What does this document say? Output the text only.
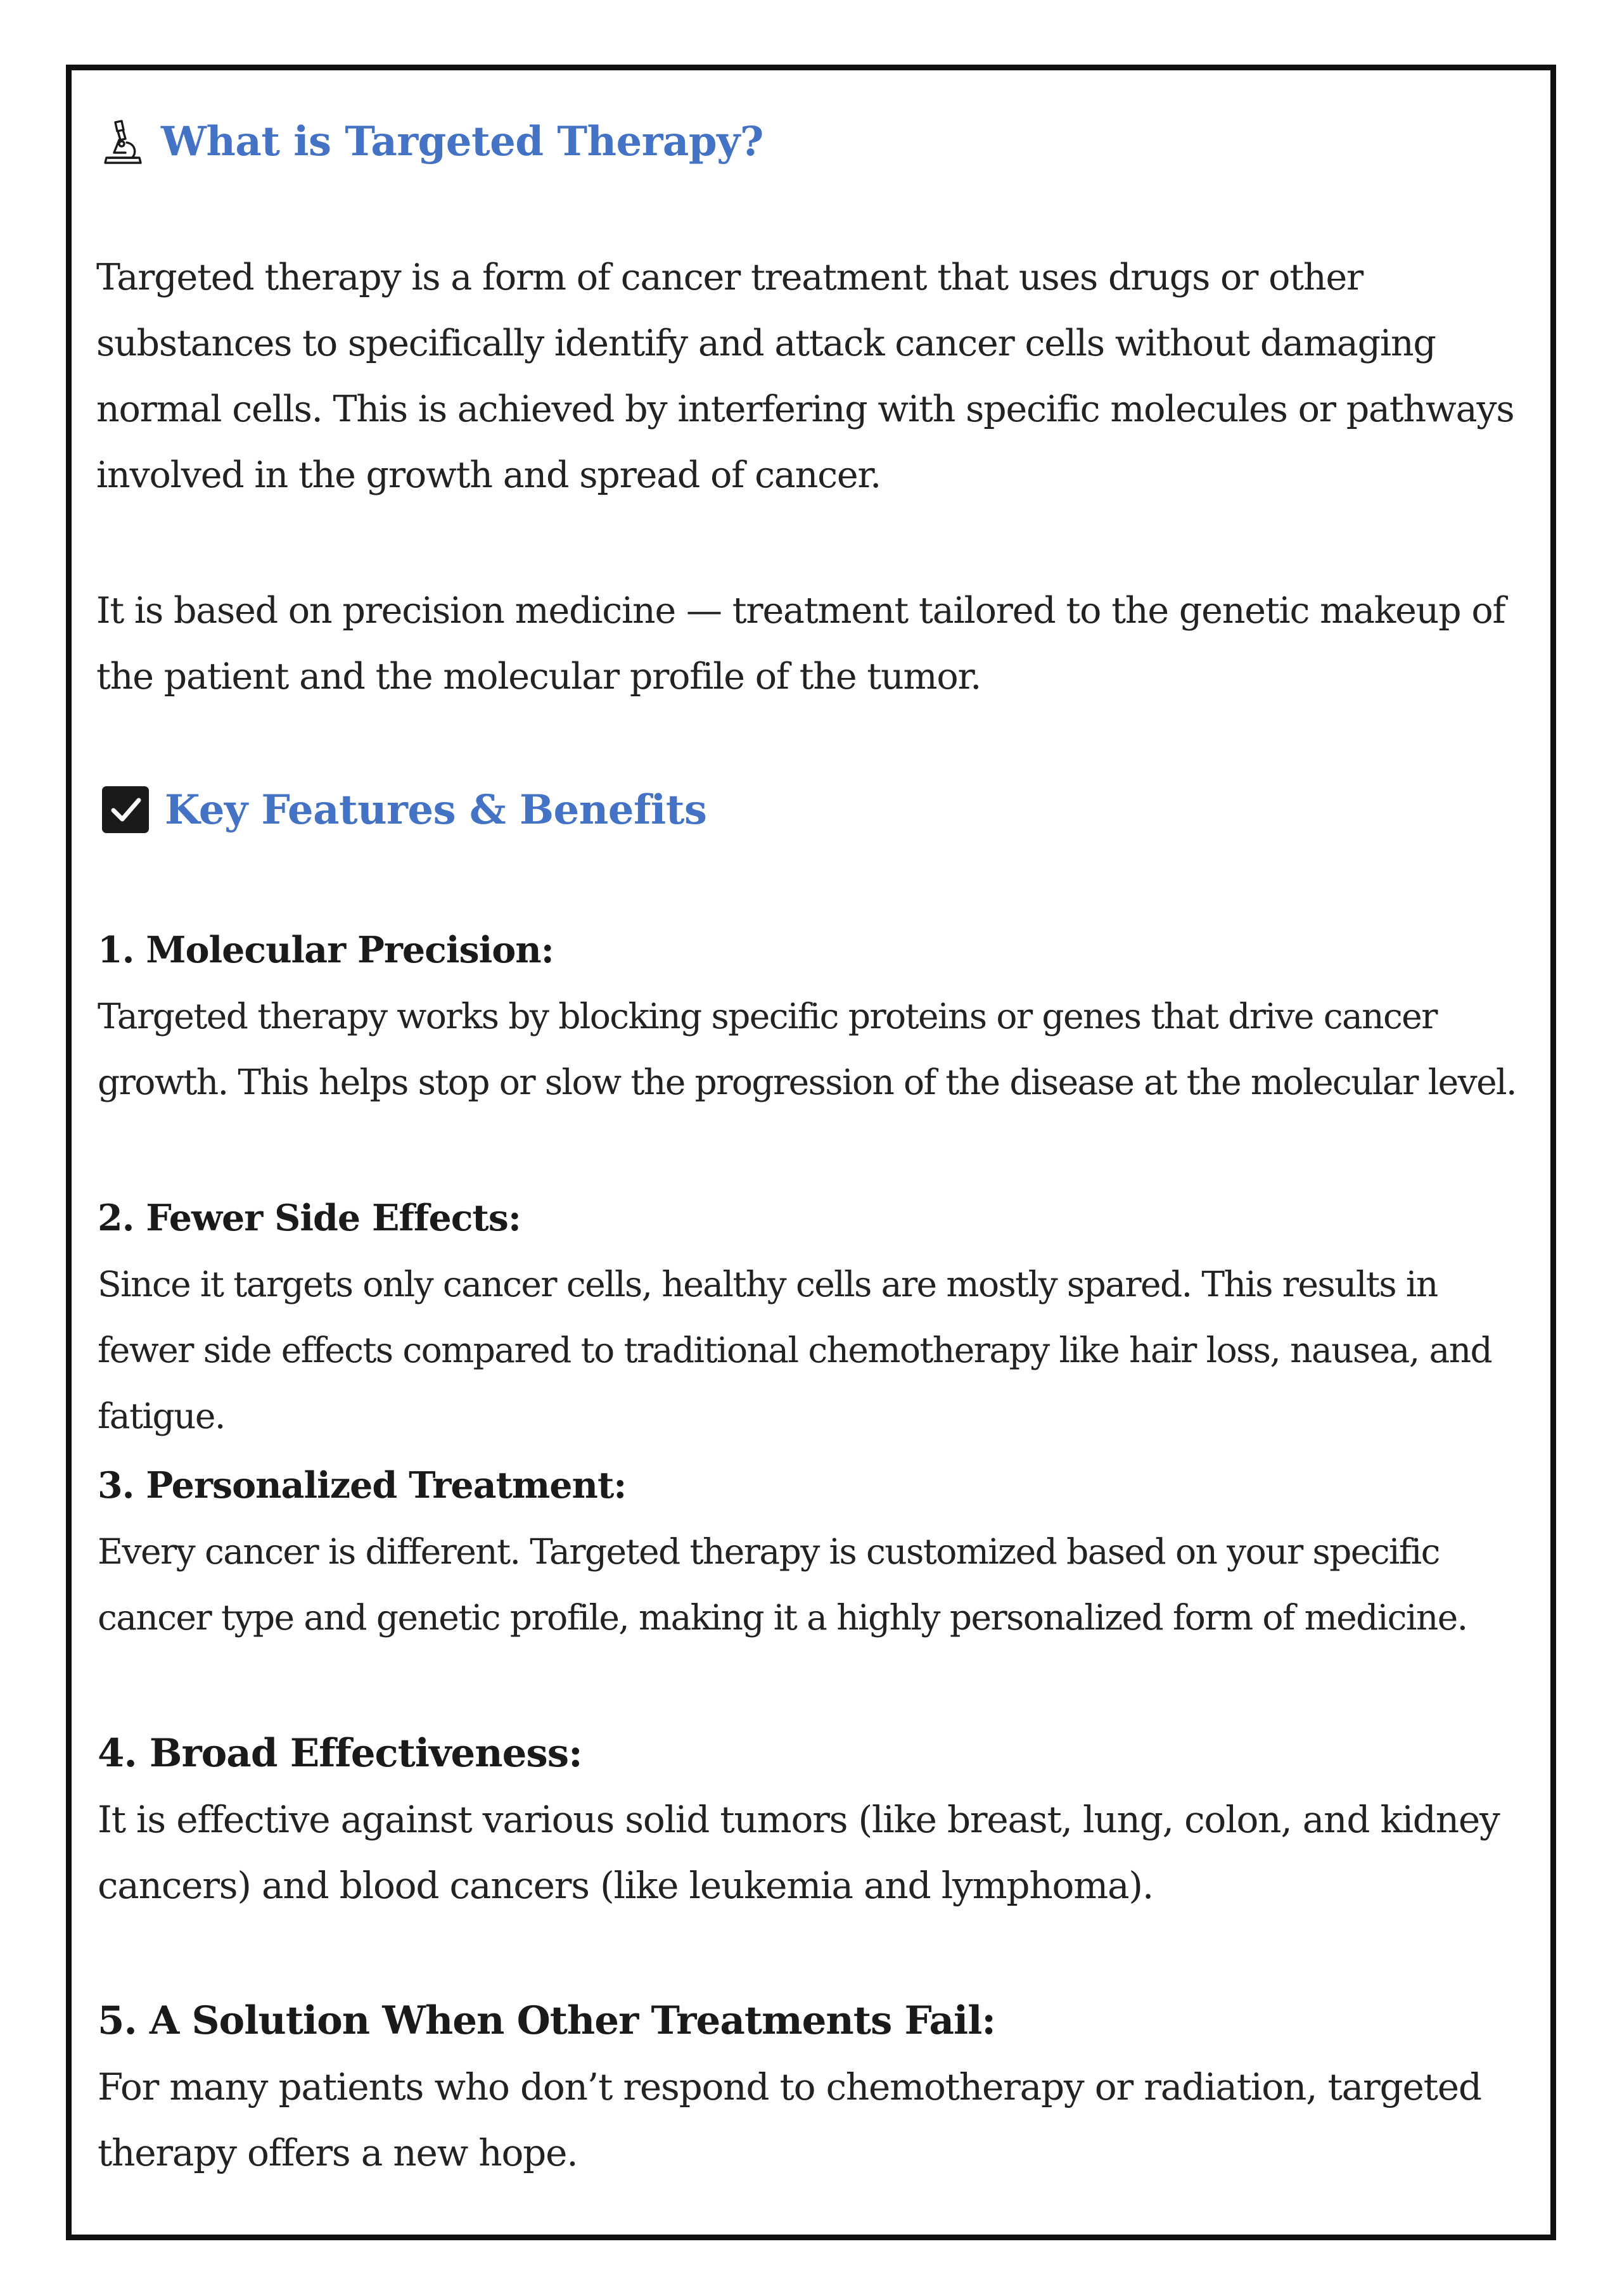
What is Targeted Therapy?

Targeted therapy is a form of cancer treatment that uses drugs or other substances to specifically identify and attack cancer cells without damaging normal cells. This is achieved by interfering with specific molecules or pathways involved in the growth and spread of cancer.

It is based on precision medicine — treatment tailored to the genetic makeup of the patient and the molecular profile of the tumor.

Key Features & Benefits

1. Molecular Precision:

Targeted therapy works by blocking specific proteins or genes that drive cancer growth. This helps stop or slow the progression of the disease at the molecular level.

2. Fewer Side Effects:

Since it targets only cancer cells, healthy cells are mostly spared. This results in fewer side effects compared to traditional chemotherapy like hair loss, nausea, and fatigue.

3. Personalized Treatment:

Every cancer is different. Targeted therapy is customized based on your specific cancer type and genetic profile, making it a highly personalized form of medicine.

4. Broad Effectiveness:

It is effective against various solid tumors (like breast, lung, colon, and kidney cancers) and blood cancers (like leukemia and lymphoma).

5. A Solution When Other Treatments Fail:

For many patients who don’t respond to chemotherapy or radiation, targeted therapy offers a new hope.
